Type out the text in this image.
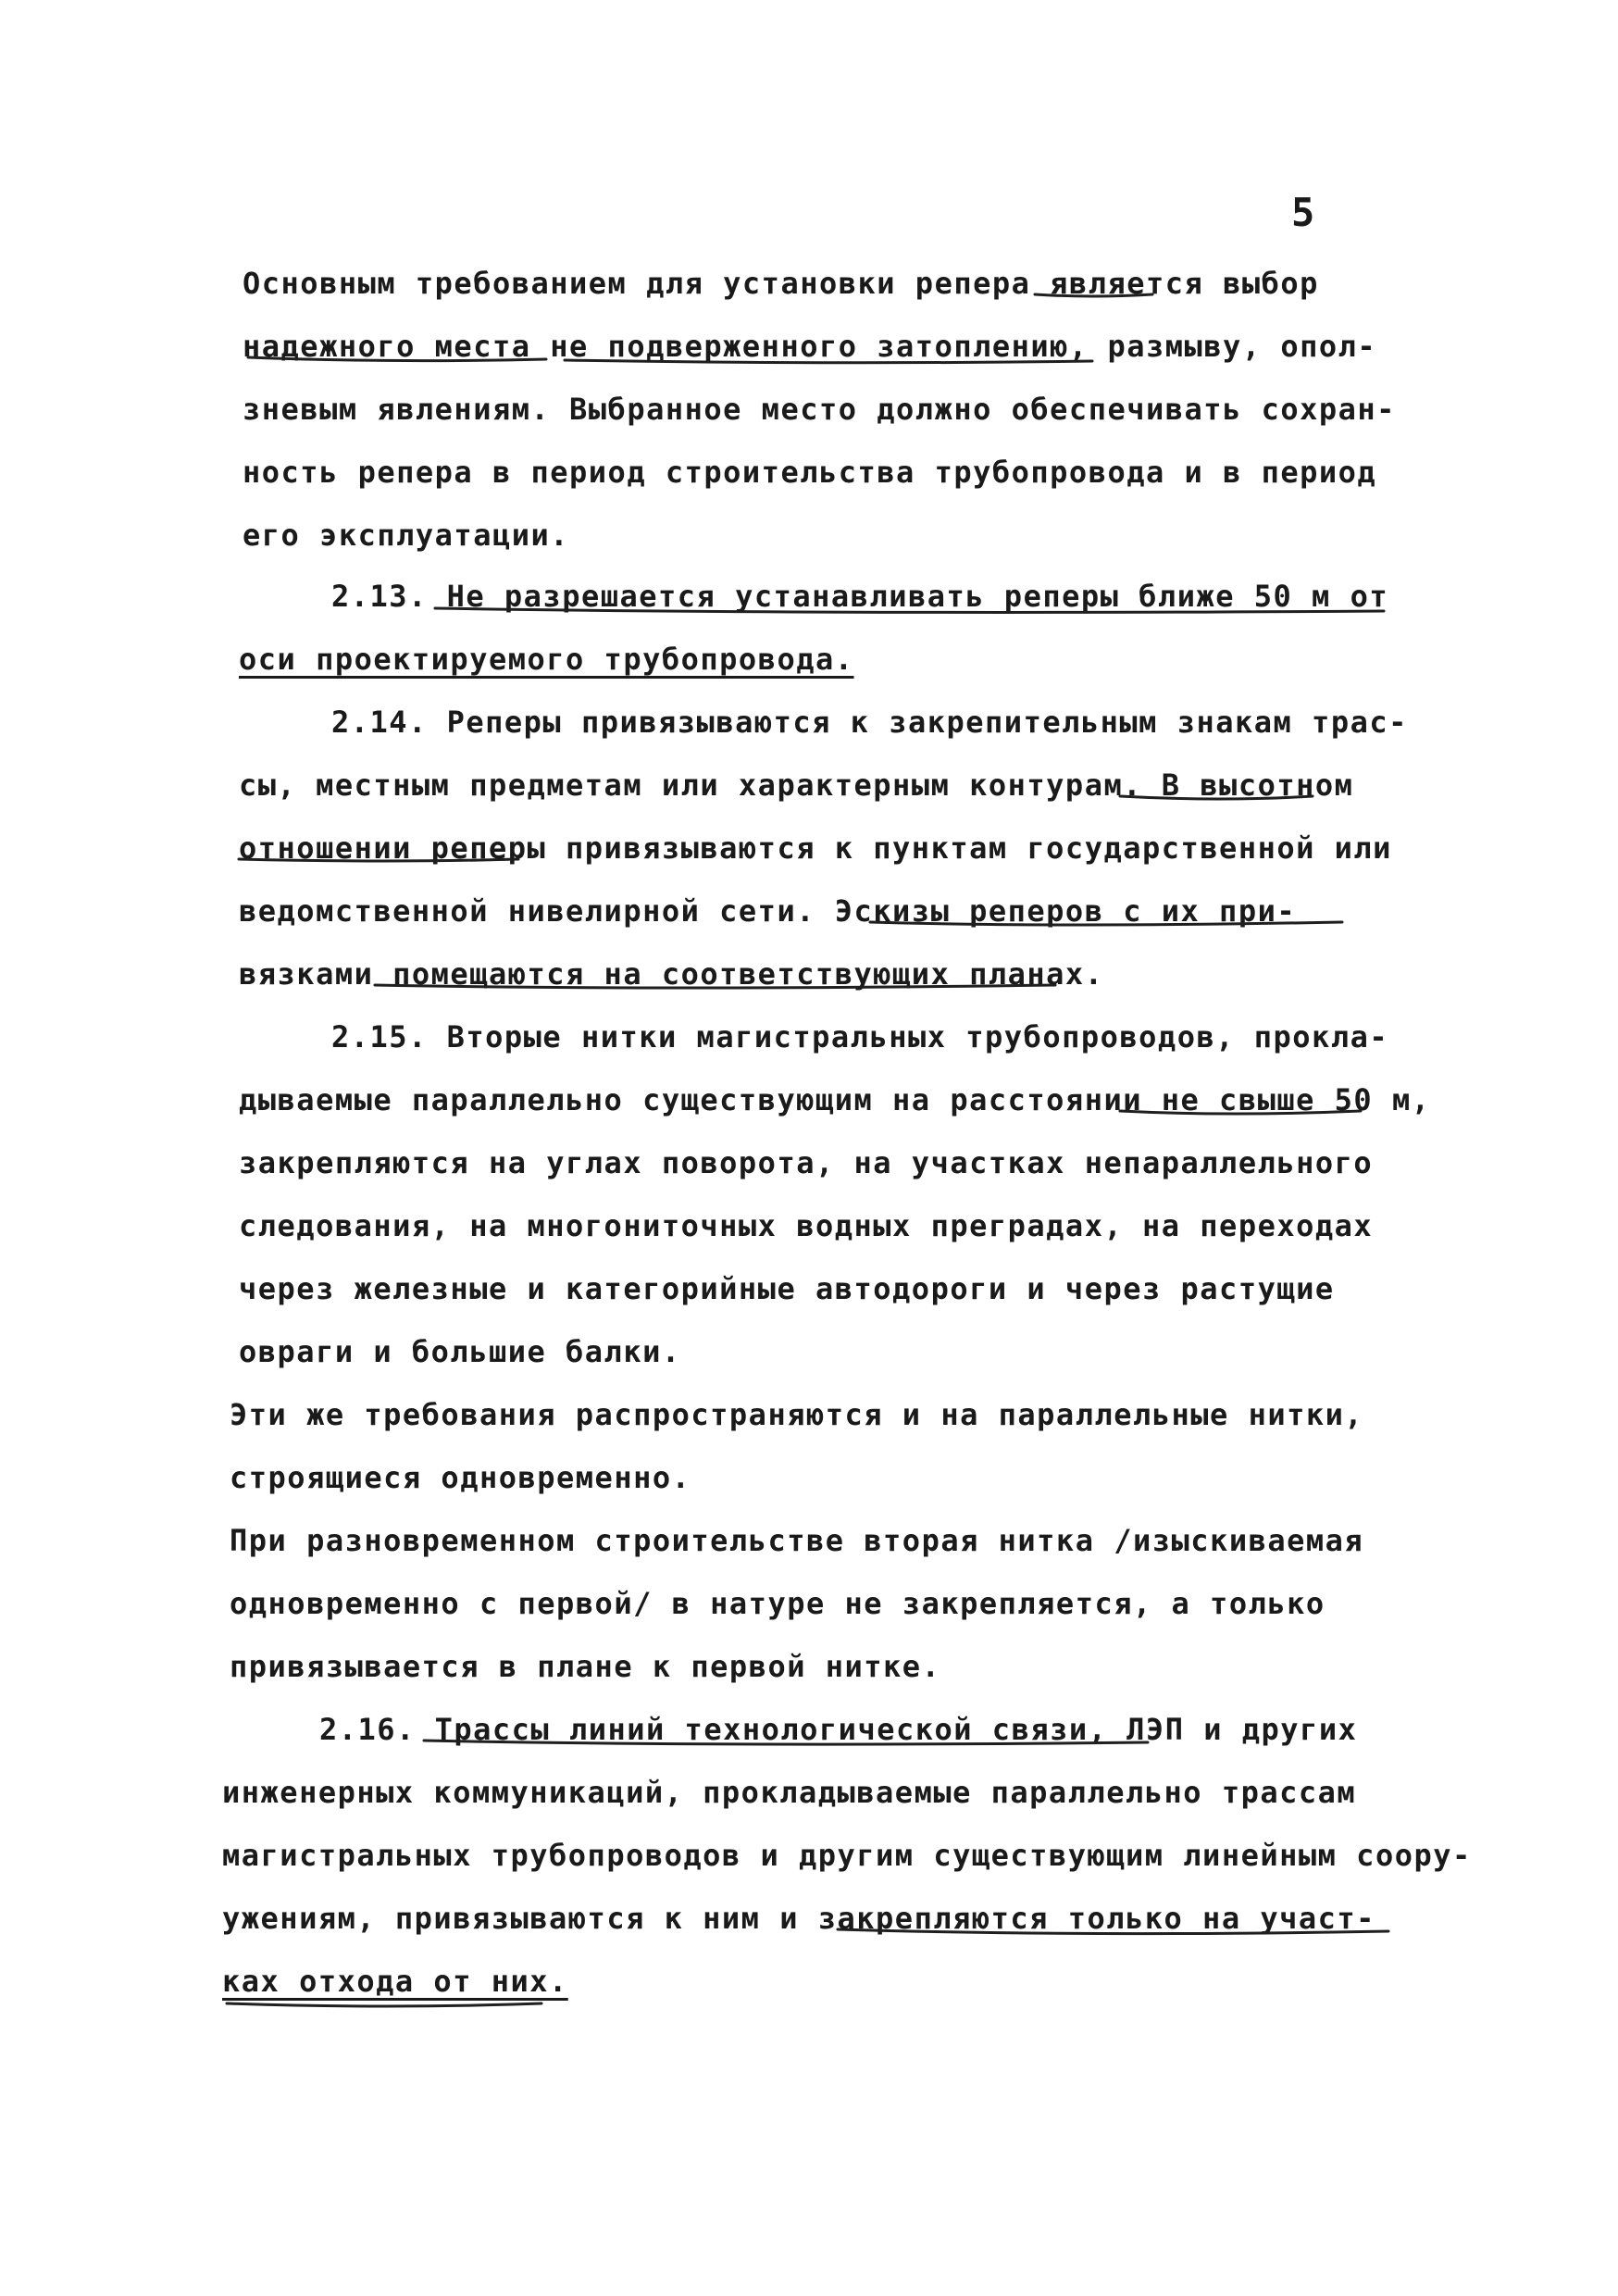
5
Основным требованием для установки репера является выбор
надежного места не подверженного затоплению, размыву, опол-
зневым явлениям. Выбранное место должно обеспечивать сохран-
ность репера в период строительства трубопровода и в период
его эксплуатации.
2.13. Не разрешается устанавливать реперы ближе 50 м от
оси проектируемого трубопровода.
2.14. Реперы привязываются к закрепительным знакам трас-
сы, местным предметам или характерным контурам. В высотном
отношении реперы привязываются к пунктам государственной или
ведомственной нивелирной сети. Эскизы реперов с их при-
вязками помещаются на соответствующих планах.
2.15. Вторые нитки магистральных трубопроводов, прокла-
дываемые параллельно существующим на расстоянии не свыше 50 м,
закрепляются на углах поворота, на участках непараллельного
следования, на многониточных водных преградах, на переходах
через железные и категорийные автодороги и через растущие
овраги и большие балки.
Эти же требования распространяются и на параллельные нитки,
строящиеся одновременно.
При разновременном строительстве вторая нитка /изыскиваемая
одновременно с первой/ в натуре не закрепляется, а только
привязывается в плане к первой нитке.
2.16. Трассы линий технологической связи, ЛЭП и других
инженерных коммуникаций, прокладываемые параллельно трассам
магистральных трубопроводов и другим существующим линейным соору-
ужениям, привязываются к ним и закрепляются только на участ-
ках отхода от них.
